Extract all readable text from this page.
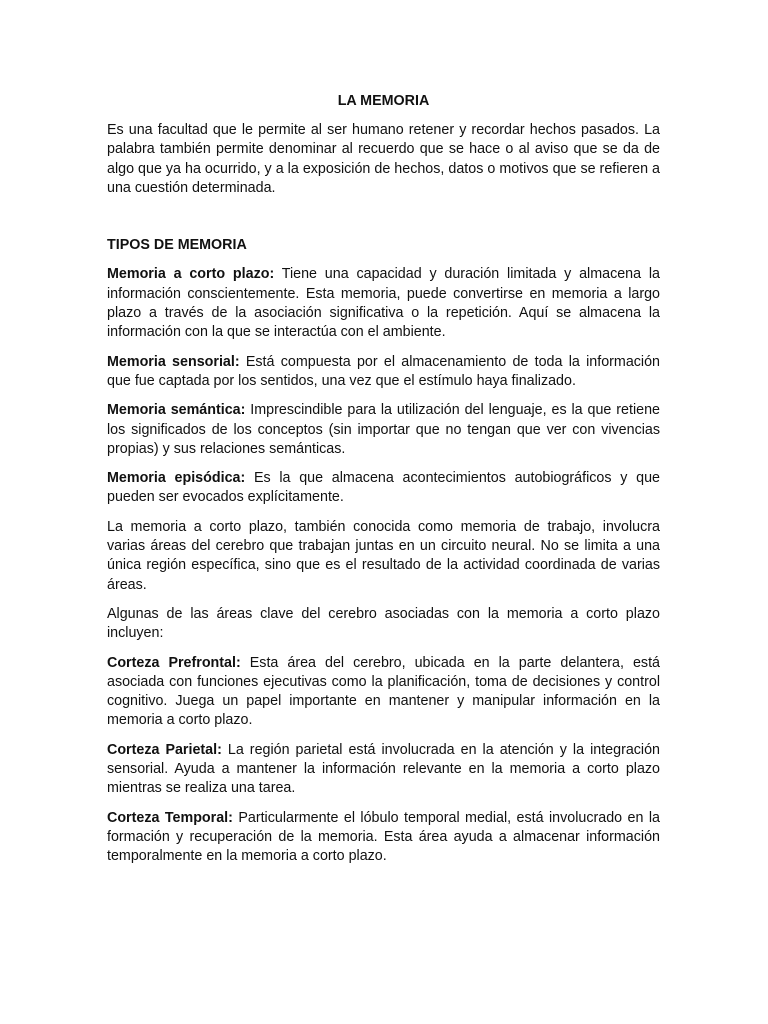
LA MEMORIA

Es una facultad que le permite al ser humano retener y recordar hechos pasados. La palabra también permite denominar al recuerdo que se hace o al aviso que se da de algo que ya ha ocurrido, y a la exposición de hechos, datos o motivos que se refieren a una cuestión determinada.

TIPOS DE MEMORIA

Memoria a corto plazo: Tiene una capacidad y duración limitada y almacena la información conscientemente. Esta memoria, puede convertirse en memoria a largo plazo a través de la asociación significativa o la repetición. Aquí se almacena la información con la que se interactúa con el ambiente.

Memoria sensorial: Está compuesta por el almacenamiento de toda la información que fue captada por los sentidos, una vez que el estímulo haya finalizado.

Memoria semántica: Imprescindible para la utilización del lenguaje, es la que retiene los significados de los conceptos (sin importar que no tengan que ver con vivencias propias) y sus relaciones semánticas.

Memoria episódica: Es la que almacena acontecimientos autobiográficos y que pueden ser evocados explícitamente.

La memoria a corto plazo, también conocida como memoria de trabajo, involucra varias áreas del cerebro que trabajan juntas en un circuito neural. No se limita a una única región específica, sino que es el resultado de la actividad coordinada de varias áreas.

Algunas de las áreas clave del cerebro asociadas con la memoria a corto plazo incluyen:

Corteza Prefrontal: Esta área del cerebro, ubicada en la parte delantera, está asociada con funciones ejecutivas como la planificación, toma de decisiones y control cognitivo. Juega un papel importante en mantener y manipular información en la memoria a corto plazo.

Corteza Parietal: La región parietal está involucrada en la atención y la integración sensorial. Ayuda a mantener la información relevante en la memoria a corto plazo mientras se realiza una tarea.

Corteza Temporal: Particularmente el lóbulo temporal medial, está involucrado en la formación y recuperación de la memoria. Esta área ayuda a almacenar información temporalmente en la memoria a corto plazo.
